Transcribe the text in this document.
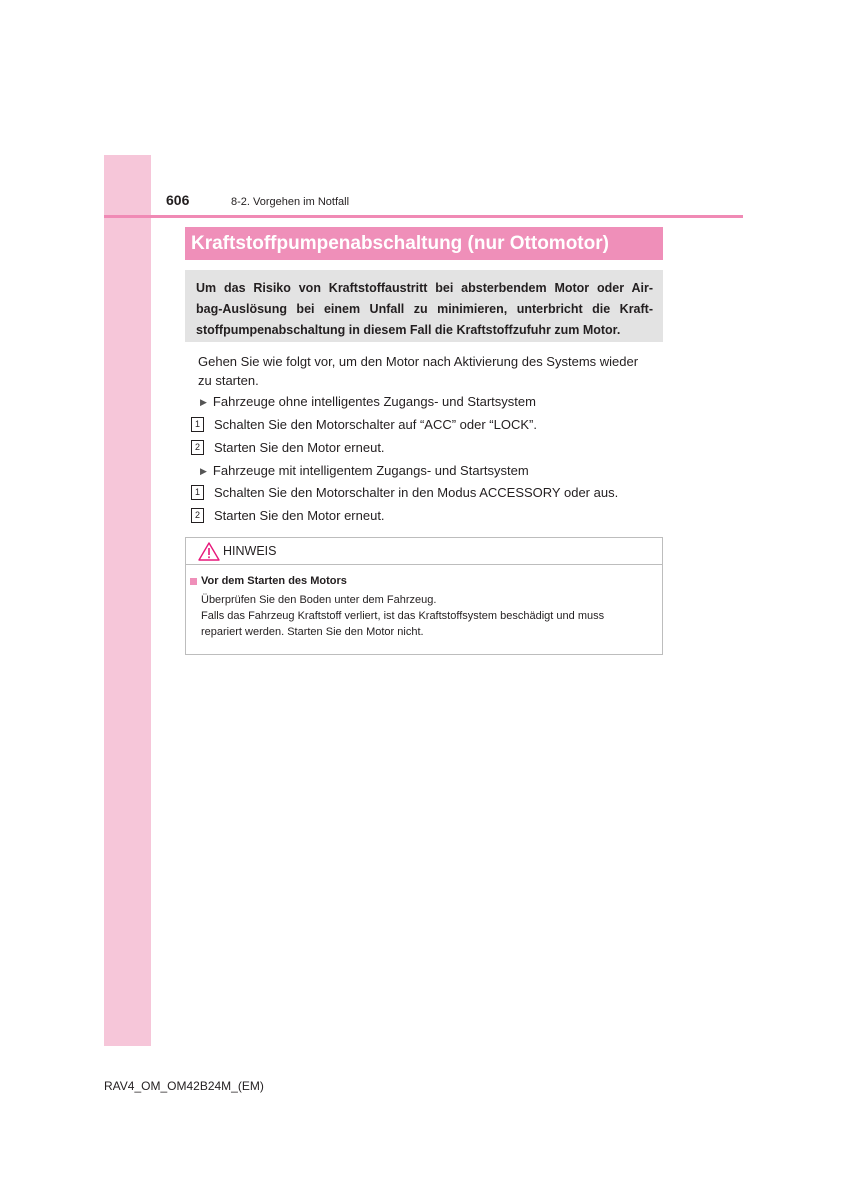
606	8-2. Vorgehen im Notfall
Kraftstoffpumpenabschaltung (nur Ottomotor)
Um das Risiko von Kraftstoffaustritt bei absterbendem Motor oder Air-
bag-Auslösung bei einem Unfall zu minimieren, unterbricht die Kraft-
stoffpumpenabschaltung in diesem Fall die Kraftstoffzufuhr zum Motor.
Gehen Sie wie folgt vor, um den Motor nach Aktivierung des Systems wieder
zu starten.
▶ Fahrzeuge ohne intelligentes Zugangs- und Startsystem
1 Schalten Sie den Motorschalter auf “ACC” oder “LOCK”.
2 Starten Sie den Motor erneut.
▶ Fahrzeuge mit intelligentem Zugangs- und Startsystem
1 Schalten Sie den Motorschalter in den Modus ACCESSORY oder aus.
2 Starten Sie den Motor erneut.
HINWEIS
Vor dem Starten des Motors
Überprüfen Sie den Boden unter dem Fahrzeug.
Falls das Fahrzeug Kraftstoff verliert, ist das Kraftstoffsystem beschädigt und muss
repariert werden. Starten Sie den Motor nicht.
RAV4_OM_OM42B24M_(EM)
